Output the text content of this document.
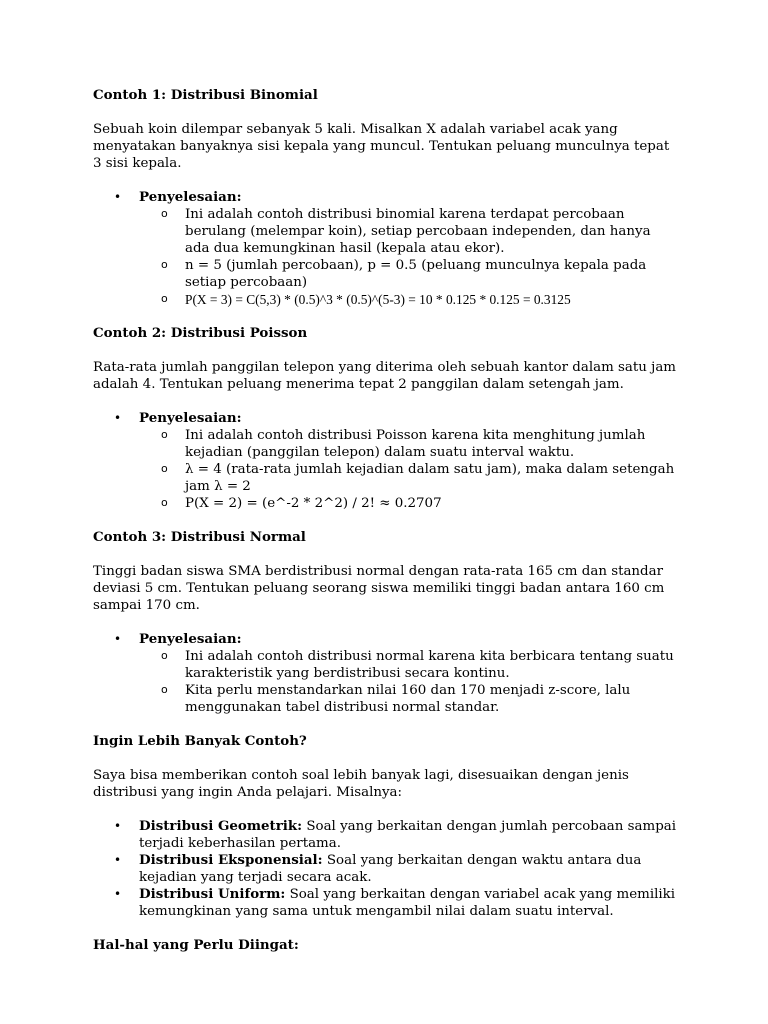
Contoh 1: Distribusi Binomial

Sebuah koin dilempar sebanyak 5 kali. Misalkan X adalah variabel acak yang menyatakan banyaknya sisi kepala yang muncul. Tentukan peluang munculnya tepat 3 sisi kepala.

• Penyelesaian:
o Ini adalah contoh distribusi binomial karena terdapat percobaan berulang (melempar koin), setiap percobaan independen, dan hanya ada dua kemungkinan hasil (kepala atau ekor).
o n = 5 (jumlah percobaan), p = 0.5 (peluang munculnya kepala pada setiap percobaan)
o P(X = 3) = C(5,3) * (0.5)^3 * (0.5)^(5-3) = 10 * 0.125 * 0.125 = 0.3125
Contoh 2: Distribusi Poisson

Rata-rata jumlah panggilan telepon yang diterima oleh sebuah kantor dalam satu jam adalah 4. Tentukan peluang menerima tepat 2 panggilan dalam setengah jam.

• Penyelesaian:
o Ini adalah contoh distribusi Poisson karena kita menghitung jumlah kejadian (panggilan telepon) dalam suatu interval waktu.
o λ = 4 (rata-rata jumlah kejadian dalam satu jam), maka dalam setengah jam λ = 2
o P(X = 2) = (e^-2 * 2^2) / 2! ≈ 0.2707
Contoh 3: Distribusi Normal

Tinggi badan siswa SMA berdistribusi normal dengan rata-rata 165 cm dan standar deviasi 5 cm. Tentukan peluang seorang siswa memiliki tinggi badan antara 160 cm sampai 170 cm.

• Penyelesaian:
o Ini adalah contoh distribusi normal karena kita berbicara tentang suatu karakteristik yang berdistribusi secara kontinu.
o Kita perlu menstandarkan nilai 160 dan 170 menjadi z-score, lalu menggunakan tabel distribusi normal standar.
Ingin Lebih Banyak Contoh?

Saya bisa memberikan contoh soal lebih banyak lagi, disesuaikan dengan jenis distribusi yang ingin Anda pelajari. Misalnya:

• Distribusi Geometrik: Soal yang berkaitan dengan jumlah percobaan sampai terjadi keberhasilan pertama.
• Distribusi Eksponensial: Soal yang berkaitan dengan waktu antara dua kejadian yang terjadi secara acak.
• Distribusi Uniform: Soal yang berkaitan dengan variabel acak yang memiliki kemungkinan yang sama untuk mengambil nilai dalam suatu interval.
Hal-hal yang Perlu Diingat:
